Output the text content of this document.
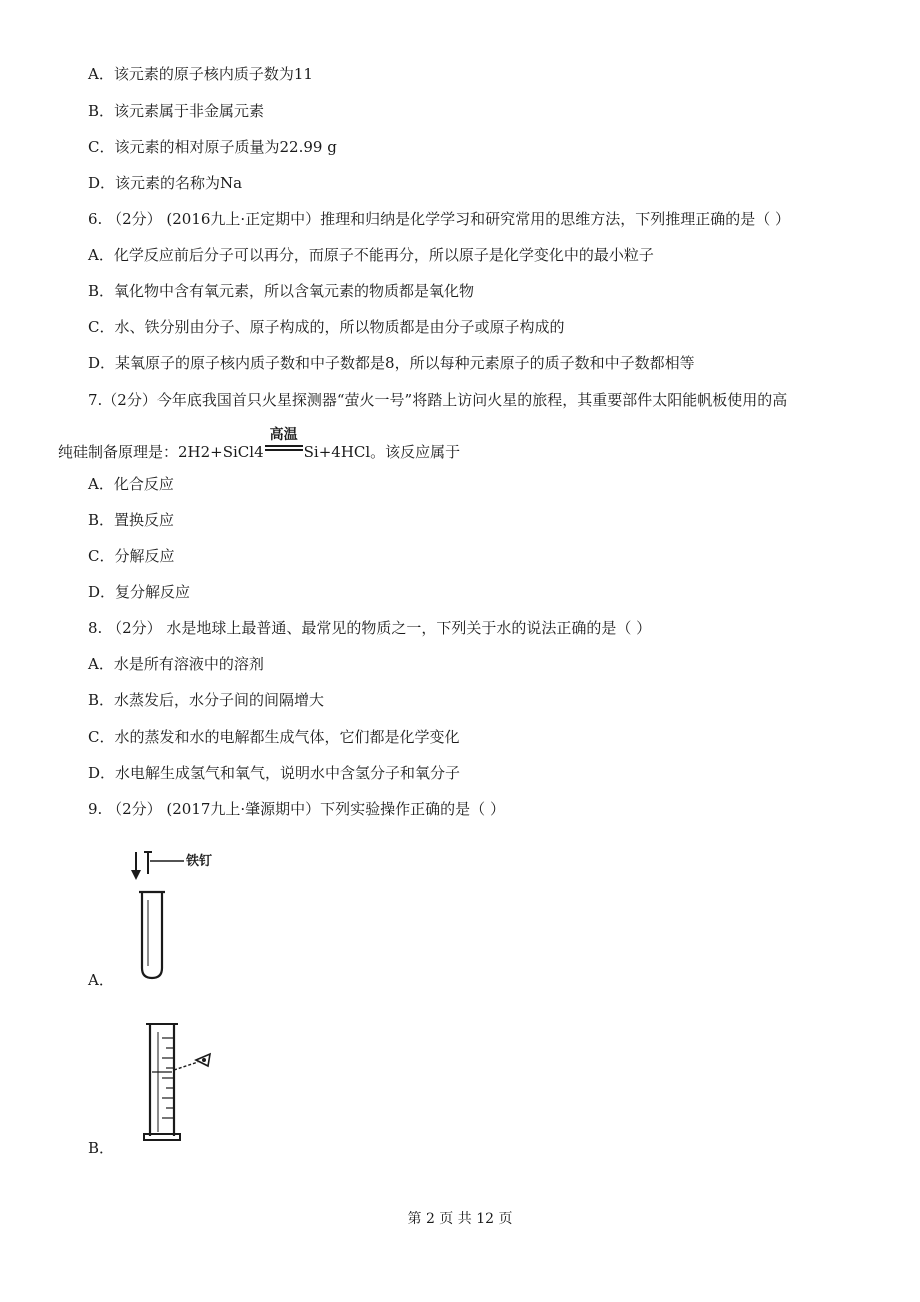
A．该元素的原子核内质子数为11
B．该元素属于非金属元素
C．该元素的相对原子质量为22.99 g
D．该元素的名称为Na
6. （2分） (2016九上·正定期中）推理和归纳是化学学习和研究常用的思维方法，下列推理正确的是（ ）
A．化学反应前后分子可以再分，而原子不能再分，所以原子是化学变化中的最小粒子
B．氧化物中含有氧元素，所以含氧元素的物质都是氧化物
C．水、铁分别由分子、原子构成的，所以物质都是由分子或原子构成的
D．某氧原子的原子核内质子数和中子数都是8，所以每种元素原子的质子数和中子数都相等
7.（2分）今年底我国首只火星探测器“萤火一号”将踏上访问火星的旅程，其重要部件太阳能帆板使用的高
纯硅制备原理是：2H2+SiCl4
高温
Si+4HCl。该反应属于
A．化合反应
B．置换反应
C．分解反应
D．复分解反应
8. （2分） 水是地球上最普通、最常见的物质之一，下列关于水的说法正确的是（ ）
A．水是所有溶液中的溶剂
B．水蒸发后，水分子间的间隔增大
C．水的蒸发和水的电解都生成气体，它们都是化学变化
D．水电解生成氢气和氧气，说明水中含氢分子和氧分子
9. （2分） (2017九上·肇源期中）下列实验操作正确的是（ ）
铁钉
A．
B．
第 2 页 共 12 页
